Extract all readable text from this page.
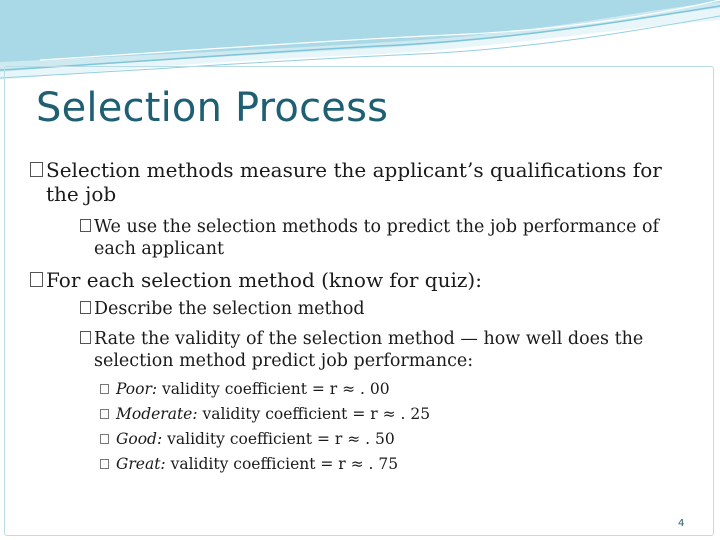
Selection Process
Selection methods measure the applicant’s qualifications for the job
We use the selection methods to predict the job performance of each applicant
For each selection method (know for quiz):
Describe the selection method
Rate the validity of the selection method — how well does the selection method predict job performance:
Poor: validity coefficient = r ≈ . 00
Moderate: validity coefficient = r ≈ . 25
Good: validity coefficient = r ≈ . 50
Great: validity coefficient = r ≈ . 75
4
